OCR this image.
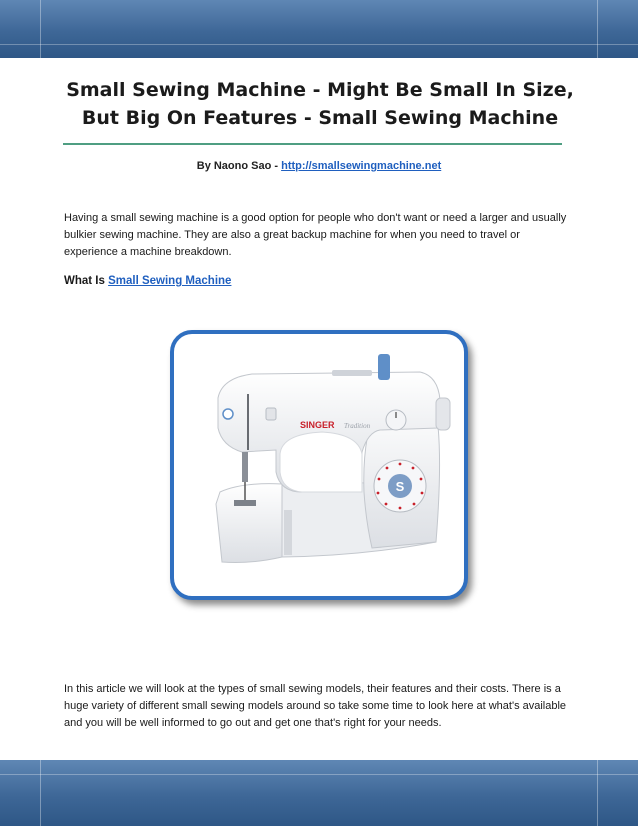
Small Sewing Machine - Might Be Small In Size, But Big On Features - Small Sewing Machine
By Naono Sao - http://smallsewingmachine.net

Having a small sewing machine is a good option for people who don't want or need a larger and usually bulkier sewing machine. They are also a great backup machine for when you need to travel or experience a machine breakdown.

What Is Small Sewing Machine
SINGER Tradition
S

In this article we will look at the types of small sewing models, their features and their costs. There is a huge variety of different small sewing models around so take some time to look here at what's available and you will be well informed to go out and get one that's right for your needs.
